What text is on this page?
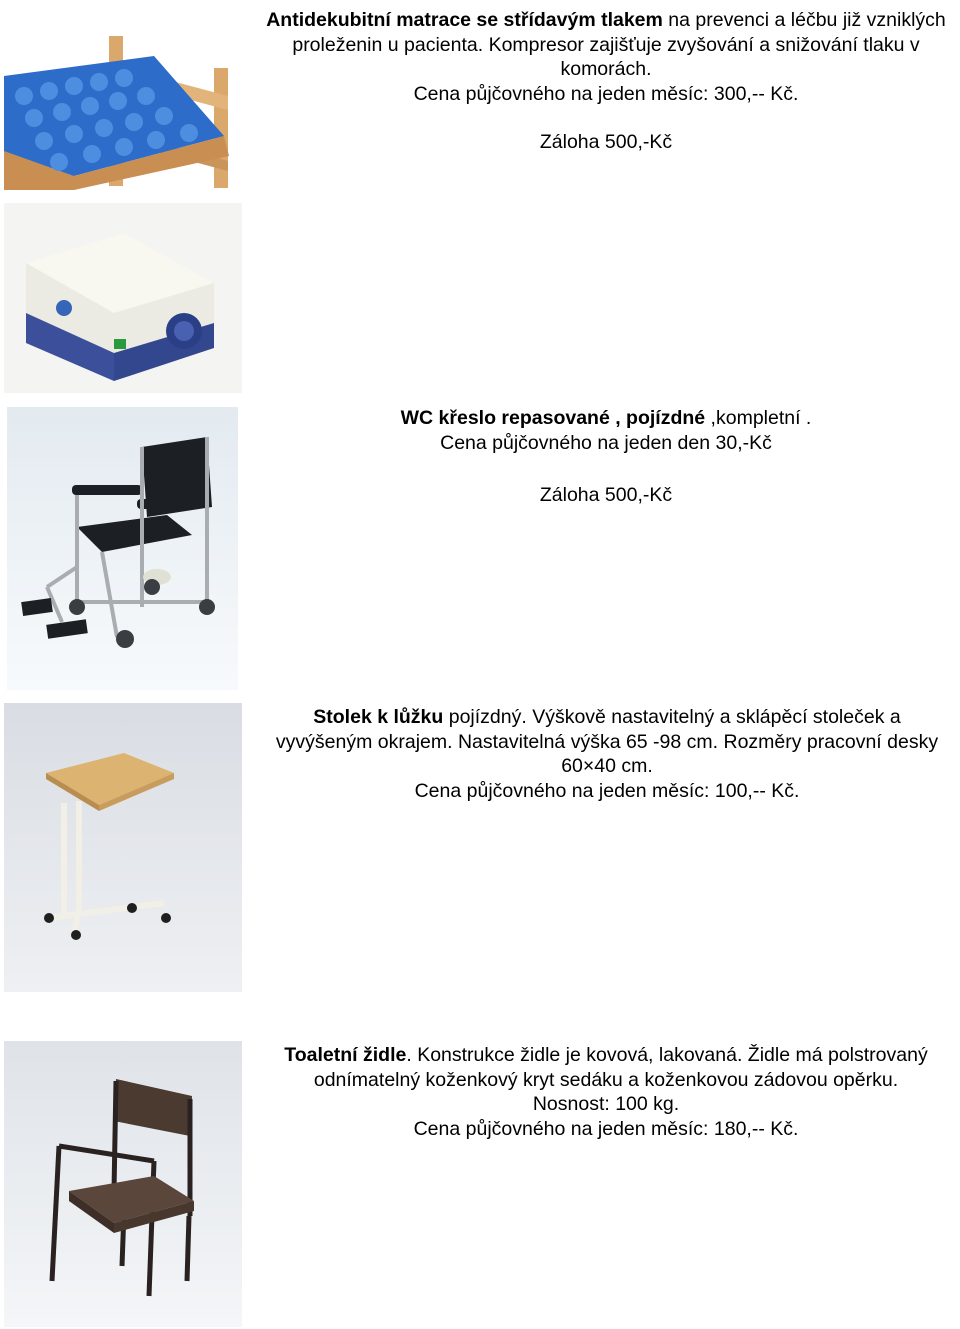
Antidekubitní matrace se střídavým tlakem na prevenci a léčbu již vzniklých proleženin u pacienta. Kompresor zajišťuje zvyšování a snižování tlaku v komorách.

Cena půjčovného na jeden měsíc: 300,-- Kč.

Záloha 500,-Kč

WC křeslo repasované , pojízdné ,kompletní .

Cena půjčovného na jeden den 30,-Kč

Záloha 500,-Kč

Stolek k lůžku pojízdný. Výškově nastavitelný a sklápěcí stoleček a vyvýšeným okrajem. Nastavitelná výška 65 -98 cm. Rozměry pracovní desky 60×40 cm.

Cena půjčovného na jeden měsíc: 100,-- Kč.

Toaletní židle. Konstrukce židle je kovová, lakovaná. Židle má polstrovaný odnímatelný koženkový kryt sedáku a koženkovou zádovou opěrku.

Nosnost: 100 kg.

Cena půjčovného na jeden měsíc: 180,-- Kč.
